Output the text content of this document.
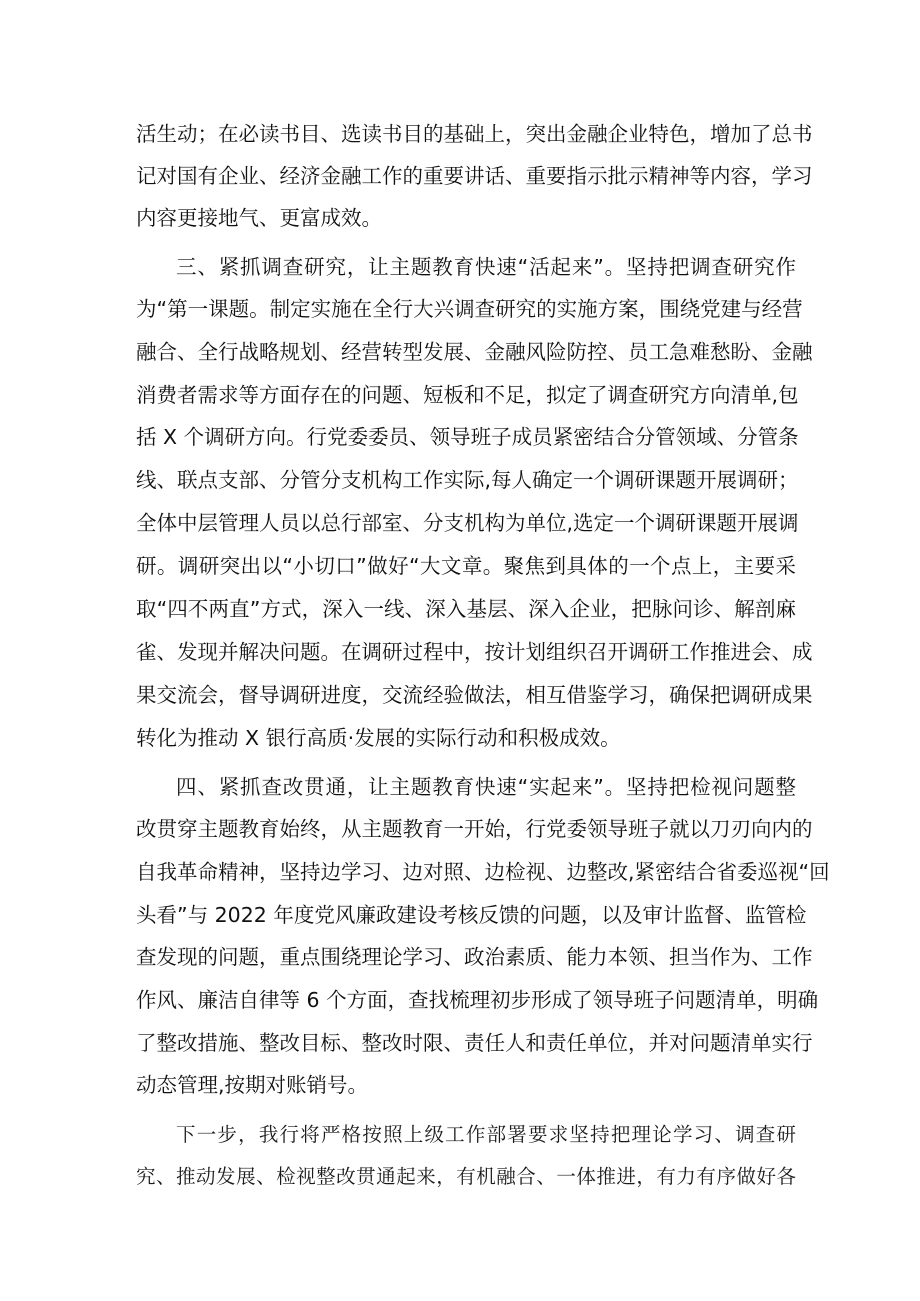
活生动；在必读书目、选读书目的基础上，突出金融企业特色，增加了总书
记对国有企业、经济金融工作的重要讲话、重要指示批示精神等内容，学习
内容更接地气、更富成效。
三、紧抓调查研究，让主题教育快速“活起来”。坚持把调查研究作
为“第一课题。制定实施在全行大兴调查研究的实施方案，围绕党建与经营
融合、全行战略规划、经营转型发展、金融风险防控、员工急难愁盼、金融
消费者需求等方面存在的问题、短板和不足，拟定了调查研究方向清单,包
括 X 个调研方向。行党委委员、领导班子成员紧密结合分管领域、分管条
线、联点支部、分管分支机构工作实际,每人确定一个调研课题开展调研；
全体中层管理人员以总行部室、分支机构为单位,选定一个调研课题开展调
研。调研突出以“小切口”做好“大文章。聚焦到具体的一个点上，主要采
取“四不两直”方式，深入一线、深入基层、深入企业，把脉问诊、解剖麻
雀、发现并解决问题。在调研过程中，按计划组织召开调研工作推进会、成
果交流会，督导调研进度，交流经验做法，相互借鉴学习，确保把调研成果
转化为推动 X 银行高质·发展的实际行动和积极成效。
四、紧抓查改贯通，让主题教育快速“实起来”。坚持把检视问题整
改贯穿主题教育始终，从主题教育一开始，行党委领导班子就以刀刃向内的
自我革命精神，坚持边学习、边对照、边检视、边整改,紧密结合省委巡视“回
头看”与 2022 年度党风廉政建设考核反馈的问题，以及审计监督、监管检
查发现的问题，重点围绕理论学习、政治素质、能力本领、担当作为、工作
作风、廉洁自律等 6 个方面，查找梳理初步形成了领导班子问题清单，明确
了整改措施、整改目标、整改时限、责任人和责任单位，并对问题清单实行
动态管理,按期对账销号。
下一步，我行将严格按照上级工作部署要求坚持把理论学习、调查研
究、推动发展、检视整改贯通起来，有机融合、一体推进，有力有序做好各
